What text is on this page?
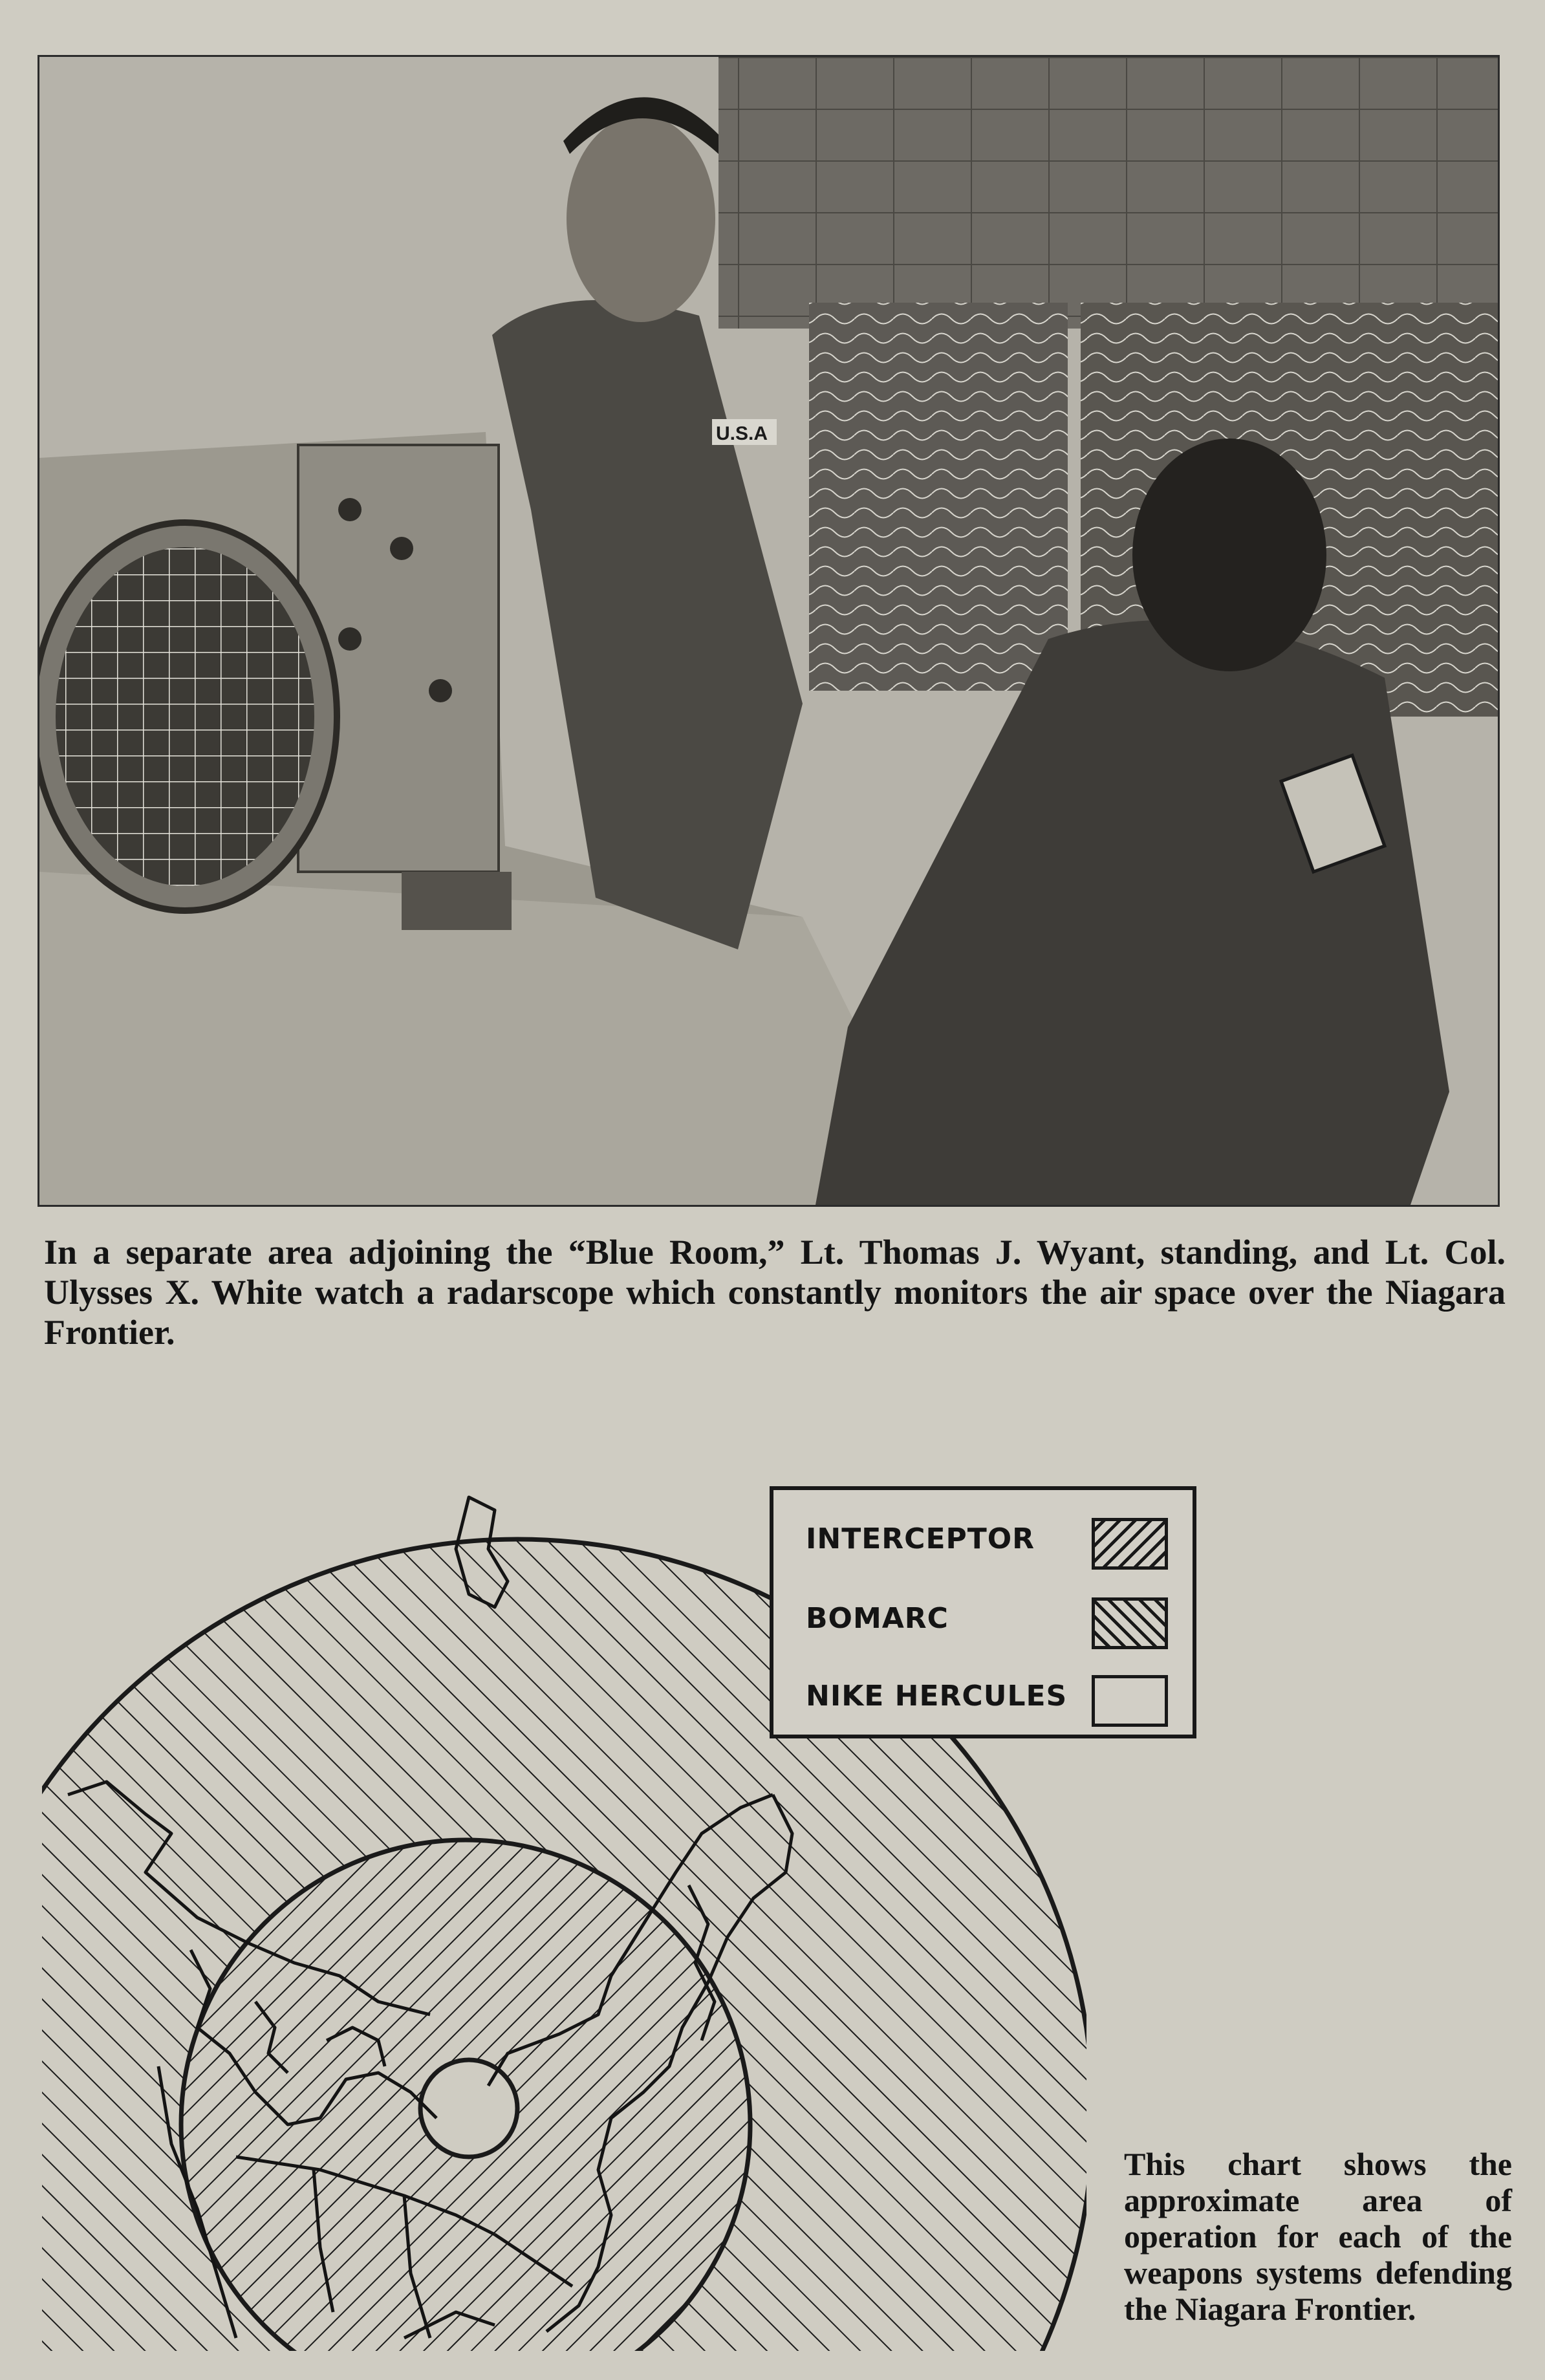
U.S.A
In a separate area adjoining the “Blue Room,” Lt. Thomas J. Wyant, standing, and Lt. Col. Ulysses X. White watch a radarscope which constantly monitors the air space over the Niagara Frontier.
INTERCEPTOR
BOMARC
NIKE HERCULES
This chart shows the approximate area of operation for each of the weapons systems defending the Niagara Frontier.
